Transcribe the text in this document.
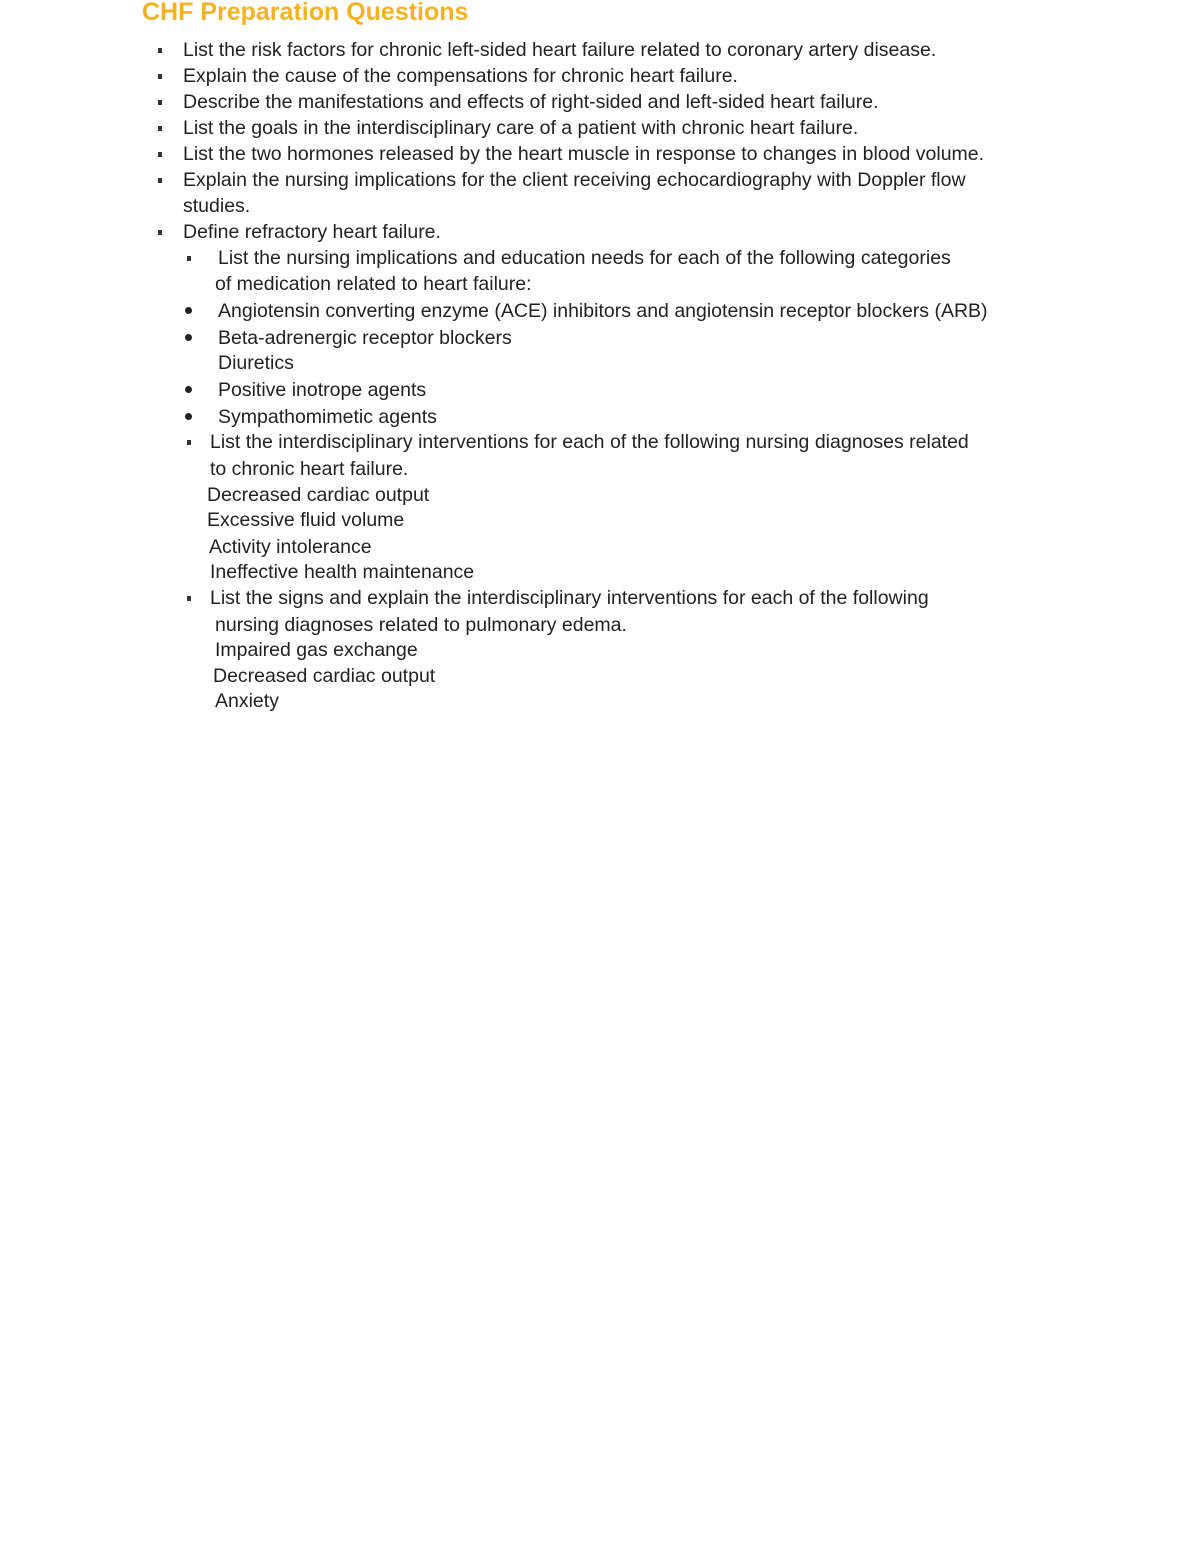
CHF Preparation Questions
List the risk factors for chronic left-sided heart failure related to coronary artery disease.
Explain the cause of the compensations for chronic heart failure.
Describe the manifestations and effects of right-sided and left-sided heart failure.
List the goals in the interdisciplinary care of a patient with chronic heart failure.
List the two hormones released by the heart muscle in response to changes in blood volume.
Explain the nursing implications for the client receiving echocardiography with Doppler flow
studies.
Define refractory heart failure.
List the nursing implications and education needs for each of the following categories
of medication related to heart failure:
Angiotensin converting enzyme (ACE) inhibitors and angiotensin receptor blockers (ARB)
Beta-adrenergic receptor blockers
Diuretics
Positive inotrope agents
Sympathomimetic agents
List the interdisciplinary interventions for each of the following nursing diagnoses related
to chronic heart failure.
Decreased cardiac output
Excessive fluid volume
Activity intolerance
Ineffective health maintenance
List the signs and explain the interdisciplinary interventions for each of the following
nursing diagnoses related to pulmonary edema.
Impaired gas exchange
Decreased cardiac output
Anxiety
